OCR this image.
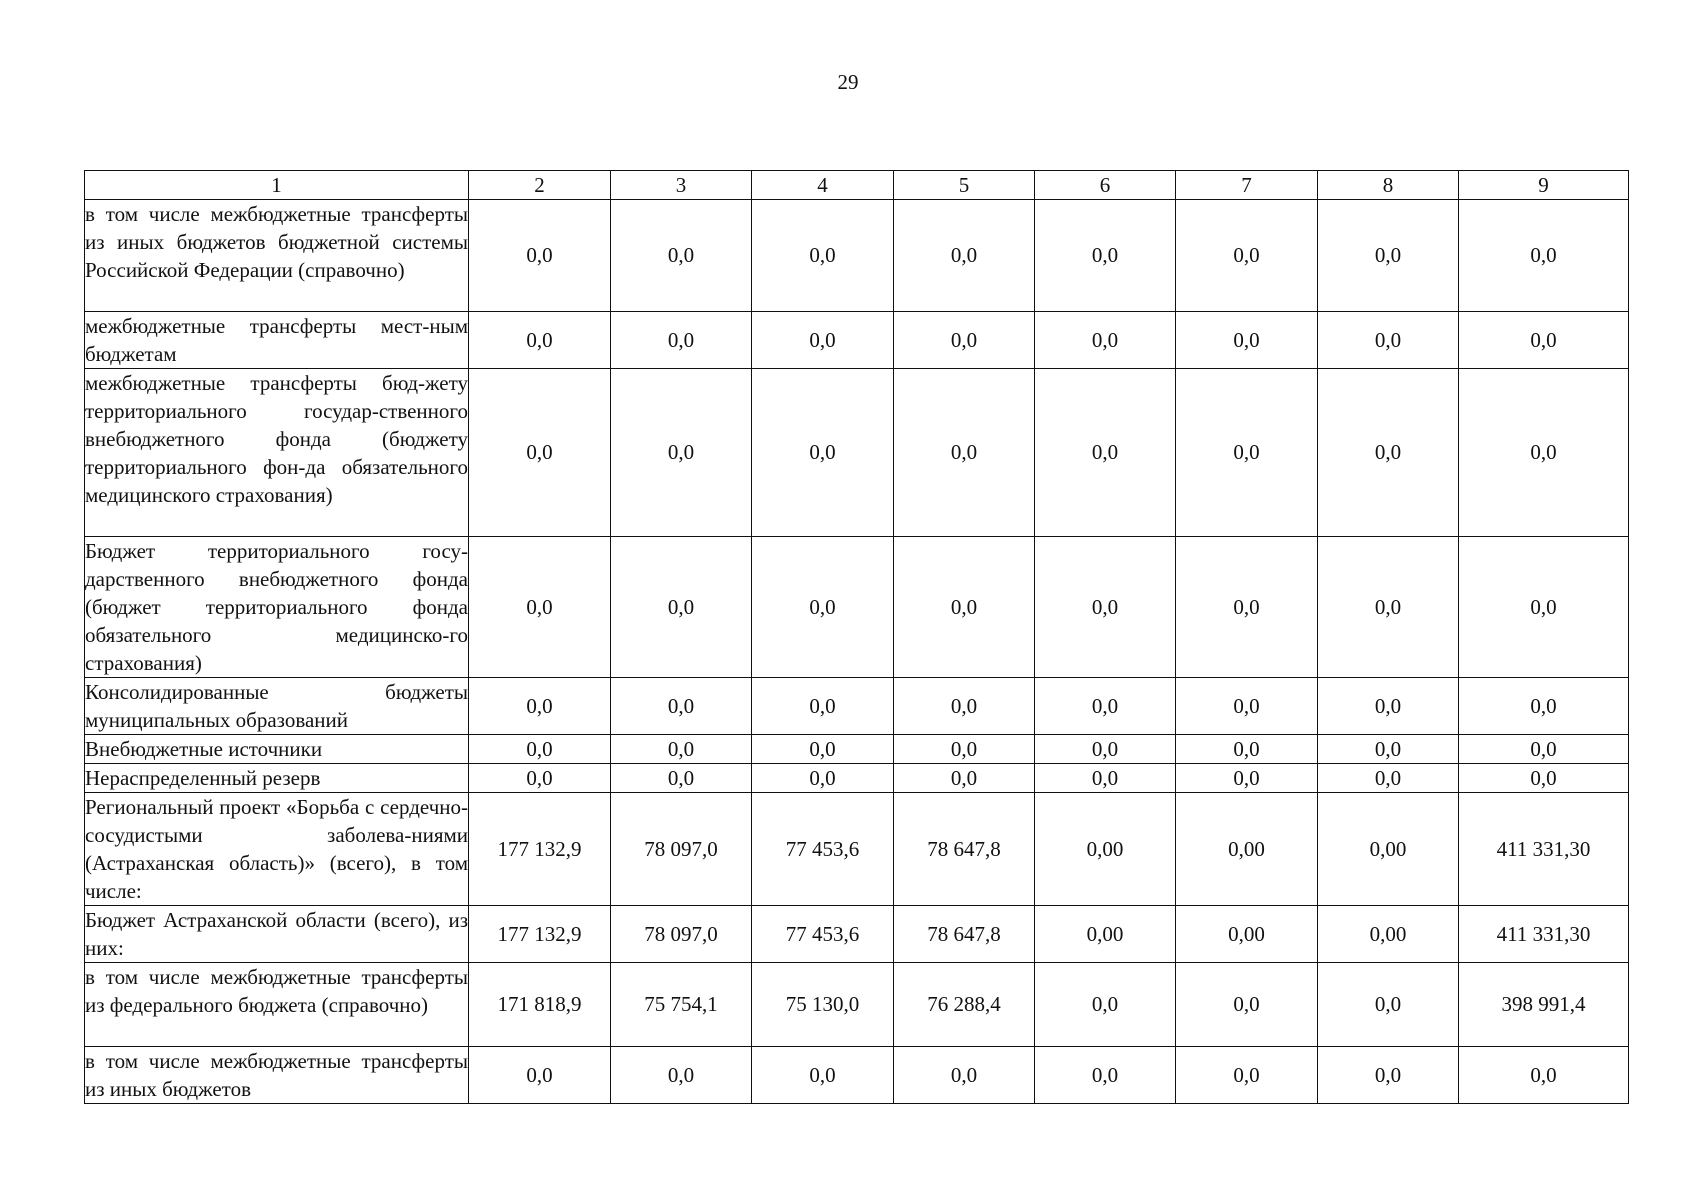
29
1	2	3	4	5	6	7	8	9
в том числе межбюджетные трансферты из иных бюджетов бюджетной системы Российской Федерации (справочно)	0,0	0,0	0,0	0,0	0,0	0,0	0,0	0,0
межбюджетные трансферты мест-ным бюджетам	0,0	0,0	0,0	0,0	0,0	0,0	0,0	0,0
межбюджетные трансферты бюд-жету территориального государ-ственного внебюджетного фонда (бюджету территориального фон-да обязательного медицинского страхования)	0,0	0,0	0,0	0,0	0,0	0,0	0,0	0,0
Бюджет территориального госу-дарственного внебюджетного фонда (бюджет территориального фонда обязательного медицинско-го страхования)	0,0	0,0	0,0	0,0	0,0	0,0	0,0	0,0
Консолидированные бюджеты муниципальных образований	0,0	0,0	0,0	0,0	0,0	0,0	0,0	0,0
Внебюджетные источники	0,0	0,0	0,0	0,0	0,0	0,0	0,0	0,0
Нераспределенный резерв	0,0	0,0	0,0	0,0	0,0	0,0	0,0	0,0
Региональный проект «Борьба с сердечно-сосудистыми заболева-ниями (Астраханская область)» (всего), в том числе:	177 132,9	78 097,0	77 453,6	78 647,8	0,00	0,00	0,00	411 331,30
Бюджет Астраханской области (всего), из них:	177 132,9	78 097,0	77 453,6	78 647,8	0,00	0,00	0,00	411 331,30
в том числе межбюджетные трансферты из федерального бюджета (справочно)	171 818,9	75 754,1	75 130,0	76 288,4	0,0	0,0	0,0	398 991,4
в том числе межбюджетные трансферты из иных бюджетов	0,0	0,0	0,0	0,0	0,0	0,0	0,0	0,0
